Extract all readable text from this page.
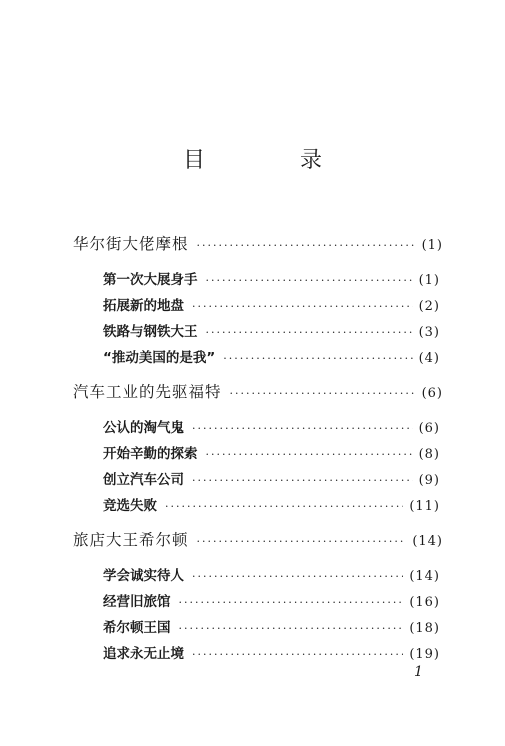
目 录
华尔街大佬摩根 ·····	(1)
第一次大展身手 ·····	(1)
拓展新的地盘 ·····	(2)
铁路与钢铁大王 ·····	(3)
“推动美国的是我” ·····	(4)
汽车工业的先驱福特 ·····	(6)
公认的淘气鬼 ·····	(6)
开始辛勤的探索 ·····	(8)
创立汽车公司 ·····	(9)
竞选失败 ·····	(11)
旅店大王希尔顿 ·····	(14)
学会诚实待人 ·····	(14)
经营旧旅馆 ·····	(16)
希尔顿王国 ·····	(18)
追求永无止境 ·····	(19)
1
